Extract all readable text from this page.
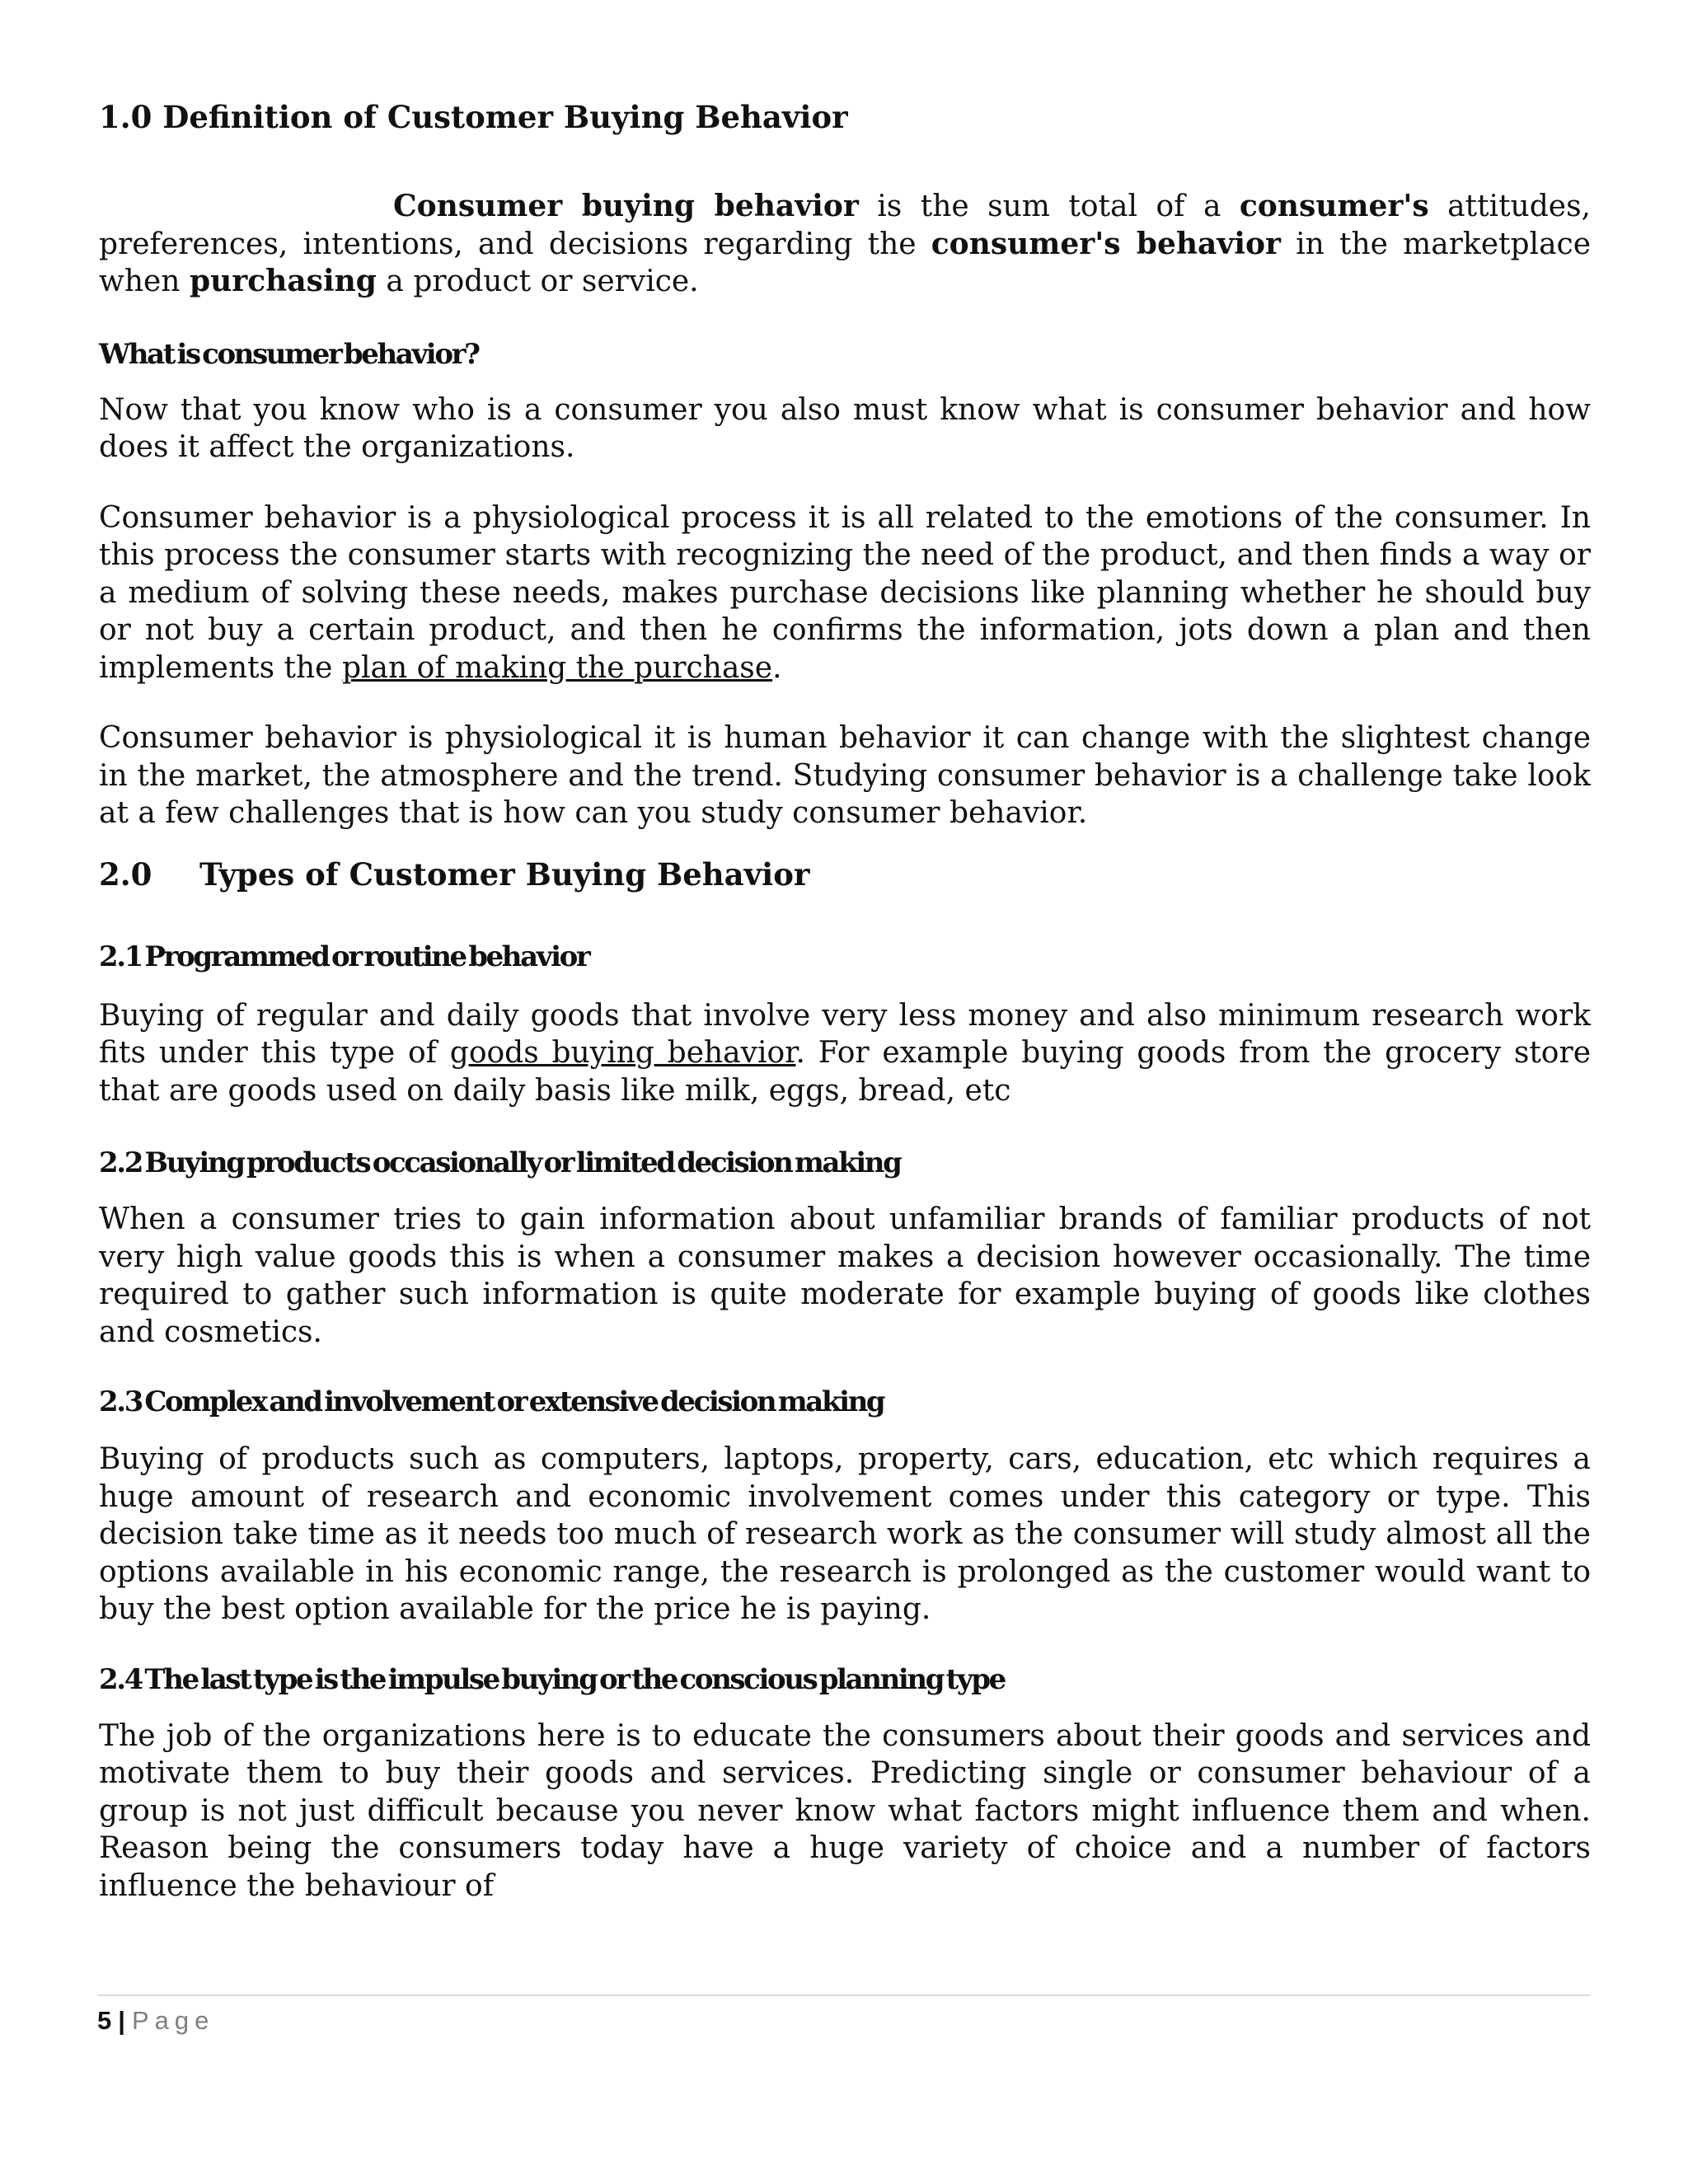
1.0 Definition of Customer Buying Behavior

Consumer buying behavior is the sum total of a consumer's attitudes, preferences, intentions, and decisions regarding the consumer's behavior in the marketplace when purchasing a product or service.

What is consumer behavior?

Now that you know who is a consumer you also must know what is consumer behavior and how does it affect the organizations.

Consumer behavior is a physiological process it is all related to the emotions of the consumer. In this process the consumer starts with recognizing the need of the product, and then finds a way or a medium of solving these needs, makes purchase decisions like planning whether he should buy or not buy a certain product, and then he confirms the information, jots down a plan and then implements the plan of making the purchase.

Consumer behavior is physiological it is human behavior it can change with the slightest change in the market, the atmosphere and the trend. Studying consumer behavior is a challenge take look at a few challenges that is how can you study consumer behavior.

2.0 Types of Customer Buying Behavior
2.1 Programmed or routine behavior

Buying of regular and daily goods that involve very less money and also minimum research work fits under this type of goods buying behavior. For example buying goods from the grocery store that are goods used on daily basis like milk, eggs, bread, etc

2.2 Buying products occasionally or limited decision making

When a consumer tries to gain information about unfamiliar brands of familiar products of not very high value goods this is when a consumer makes a decision however occasionally. The time required to gather such information is quite moderate for example buying of goods like clothes and cosmetics.

2.3 Complex and involvement or extensive decision making

Buying of products such as computers, laptops, property, cars, education, etc which requires a huge amount of research and economic involvement comes under this category or type. This decision take time as it needs too much of research work as the consumer will study almost all the options available in his economic range, the research is prolonged as the customer would want to buy the best option available for the price he is paying.

2.4 The last type is the impulse buying or the conscious planning type

The job of the organizations here is to educate the consumers about their goods and services and motivate them to buy their goods and services. Predicting single or consumer behaviour of a group is not just difficult because you never know what factors might influence them and when. Reason being the consumers today have a huge variety of choice and a number of factors influence the behaviour of

5 | Page
